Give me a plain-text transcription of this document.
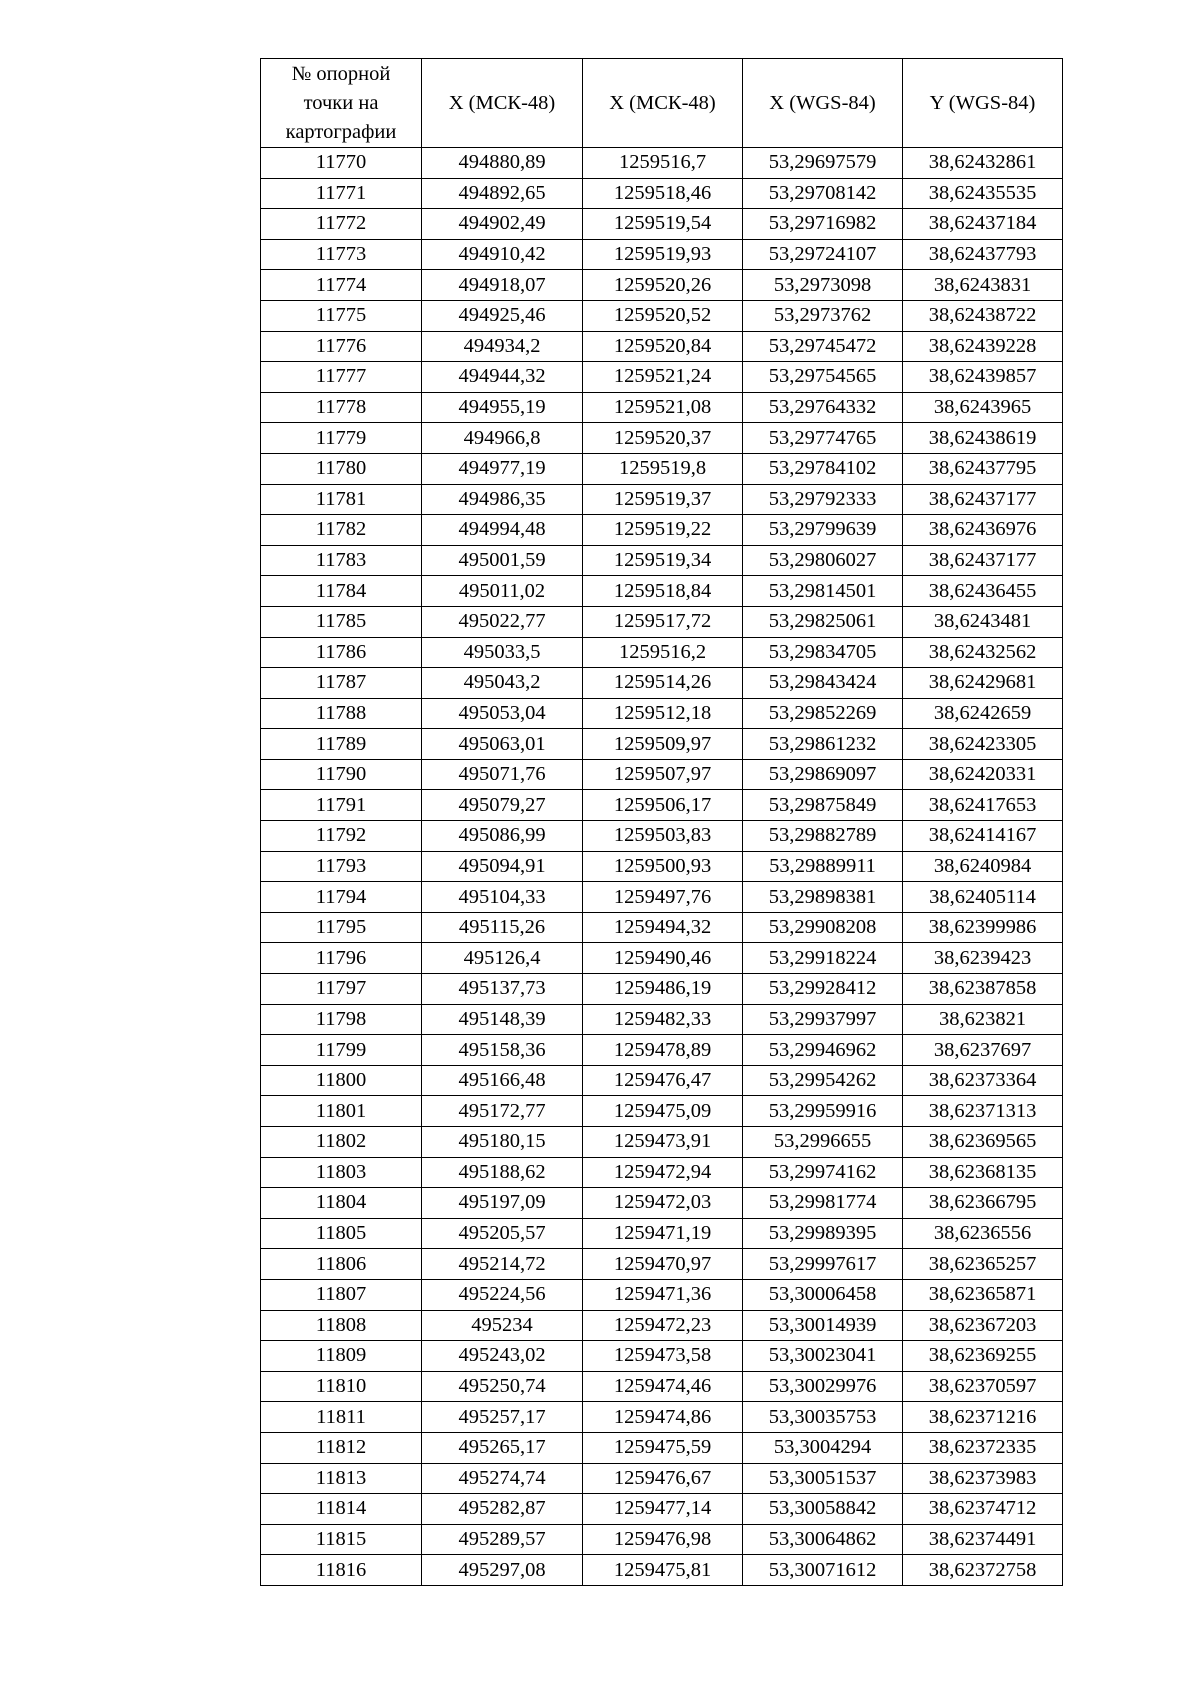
№ опорной
точки на
картографии	X (МСК-48)	X (МСК-48)	X (WGS-84)	Y (WGS-84)

11770	494880,89	1259516,7	53,29697579	38,62432861
11771	494892,65	1259518,46	53,29708142	38,62435535
11772	494902,49	1259519,54	53,29716982	38,62437184
11773	494910,42	1259519,93	53,29724107	38,62437793
11774	494918,07	1259520,26	53,2973098	38,6243831
11775	494925,46	1259520,52	53,2973762	38,62438722
11776	494934,2	1259520,84	53,29745472	38,62439228
11777	494944,32	1259521,24	53,29754565	38,62439857
11778	494955,19	1259521,08	53,29764332	38,6243965
11779	494966,8	1259520,37	53,29774765	38,62438619
11780	494977,19	1259519,8	53,29784102	38,62437795
11781	494986,35	1259519,37	53,29792333	38,62437177
11782	494994,48	1259519,22	53,29799639	38,62436976
11783	495001,59	1259519,34	53,29806027	38,62437177
11784	495011,02	1259518,84	53,29814501	38,62436455
11785	495022,77	1259517,72	53,29825061	38,6243481
11786	495033,5	1259516,2	53,29834705	38,62432562
11787	495043,2	1259514,26	53,29843424	38,62429681
11788	495053,04	1259512,18	53,29852269	38,6242659
11789	495063,01	1259509,97	53,29861232	38,62423305
11790	495071,76	1259507,97	53,29869097	38,62420331
11791	495079,27	1259506,17	53,29875849	38,62417653
11792	495086,99	1259503,83	53,29882789	38,62414167
11793	495094,91	1259500,93	53,29889911	38,6240984
11794	495104,33	1259497,76	53,29898381	38,62405114
11795	495115,26	1259494,32	53,29908208	38,62399986
11796	495126,4	1259490,46	53,29918224	38,6239423
11797	495137,73	1259486,19	53,29928412	38,62387858
11798	495148,39	1259482,33	53,29937997	38,623821
11799	495158,36	1259478,89	53,29946962	38,6237697
11800	495166,48	1259476,47	53,29954262	38,62373364
11801	495172,77	1259475,09	53,29959916	38,62371313
11802	495180,15	1259473,91	53,2996655	38,62369565
11803	495188,62	1259472,94	53,29974162	38,62368135
11804	495197,09	1259472,03	53,29981774	38,62366795
11805	495205,57	1259471,19	53,29989395	38,6236556
11806	495214,72	1259470,97	53,29997617	38,62365257
11807	495224,56	1259471,36	53,30006458	38,62365871
11808	495234	1259472,23	53,30014939	38,62367203
11809	495243,02	1259473,58	53,30023041	38,62369255
11810	495250,74	1259474,46	53,30029976	38,62370597
11811	495257,17	1259474,86	53,30035753	38,62371216
11812	495265,17	1259475,59	53,3004294	38,62372335
11813	495274,74	1259476,67	53,30051537	38,62373983
11814	495282,87	1259477,14	53,30058842	38,62374712
11815	495289,57	1259476,98	53,30064862	38,62374491
11816	495297,08	1259475,81	53,30071612	38,62372758
